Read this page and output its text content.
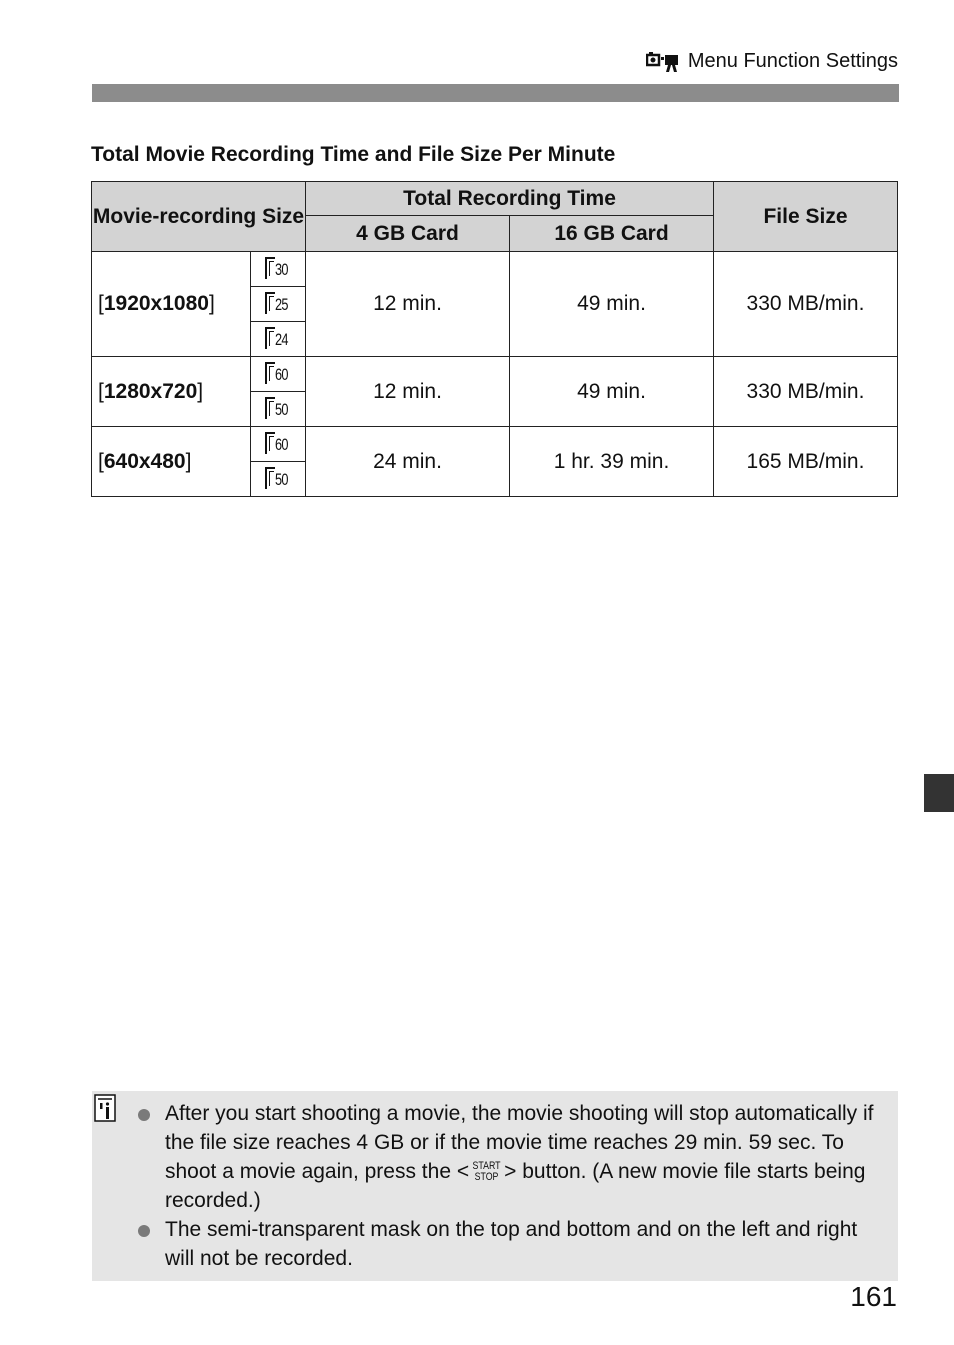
Menu Function Settings
Total Movie Recording Time and File Size Per Minute
Movie-recording Size		Total Recording Time		File Size
		4 GB Card	16 GB Card	
[1920x1080]	30	12 min.	49 min.	330 MB/min.

	25			

	24			

[1280x720]	60	12 min.	49 min.	330 MB/min.

	50			

[640x480]	60	24 min.	1 hr. 39 min.	165 MB/min.

	50			
After you start shooting a movie, the movie shooting will stop automatically if the file size reaches 4 GB or if the movie time reaches 29 min. 59 sec. To shoot a movie again, press the < START
STOP > button. (A new movie file starts being recorded.)
The semi-transparent mask on the top and bottom and on the left and right will not be recorded.
161
